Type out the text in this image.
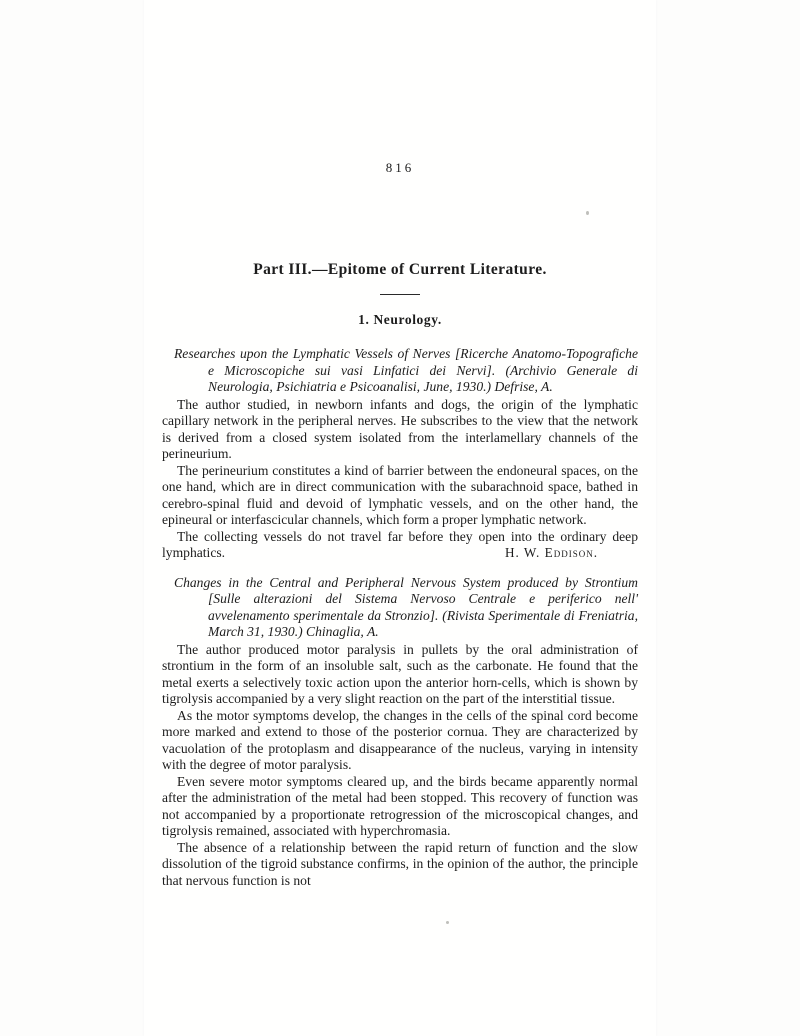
816
Part III.—Epitome of Current Literature.
1. Neurology.

Researches upon the Lymphatic Vessels of Nerves [Ricerche Anatomo-Topografiche e Microscopiche sui vasi Linfatici dei Nervi]. (Archivio Generale di Neurologia, Psichiatria e Psicoanalisi, June, 1930.) Defrise, A.

The author studied, in newborn infants and dogs, the origin of the lymphatic capillary network in the peripheral nerves. He subscribes to the view that the network is derived from a closed system isolated from the interlamellary channels of the perineurium.

The perineurium constitutes a kind of barrier between the endoneural spaces, on the one hand, which are in direct communication with the subarachnoid space, bathed in cerebro-spinal fluid and devoid of lymphatic vessels, and on the other hand, the epineural or interfascicular channels, which form a proper lymphatic network.

The collecting vessels do not travel far before they open into the ordinary deep lymphatics.	H. W. Eddison.

Changes in the Central and Peripheral Nervous System produced by Strontium [Sulle alterazioni del Sistema Nervoso Centrale e periferico nell' avvelenamento sperimentale da Stronzio]. (Rivista Sperimentale di Freniatria, March 31, 1930.) Chinaglia, A.

The author produced motor paralysis in pullets by the oral administration of strontium in the form of an insoluble salt, such as the carbonate. He found that the metal exerts a selectively toxic action upon the anterior horn-cells, which is shown by tigrolysis accompanied by a very slight reaction on the part of the interstitial tissue.

As the motor symptoms develop, the changes in the cells of the spinal cord become more marked and extend to those of the posterior cornua. They are characterized by vacuolation of the protoplasm and disappearance of the nucleus, varying in intensity with the degree of motor paralysis.

Even severe motor symptoms cleared up, and the birds became apparently normal after the administration of the metal had been stopped. This recovery of function was not accompanied by a proportionate retrogression of the microscopical changes, and tigrolysis remained, associated with hyperchromasia.

The absence of a relationship between the rapid return of function and the slow dissolution of the tigroid substance confirms, in the opinion of the author, the principle that nervous function is not
